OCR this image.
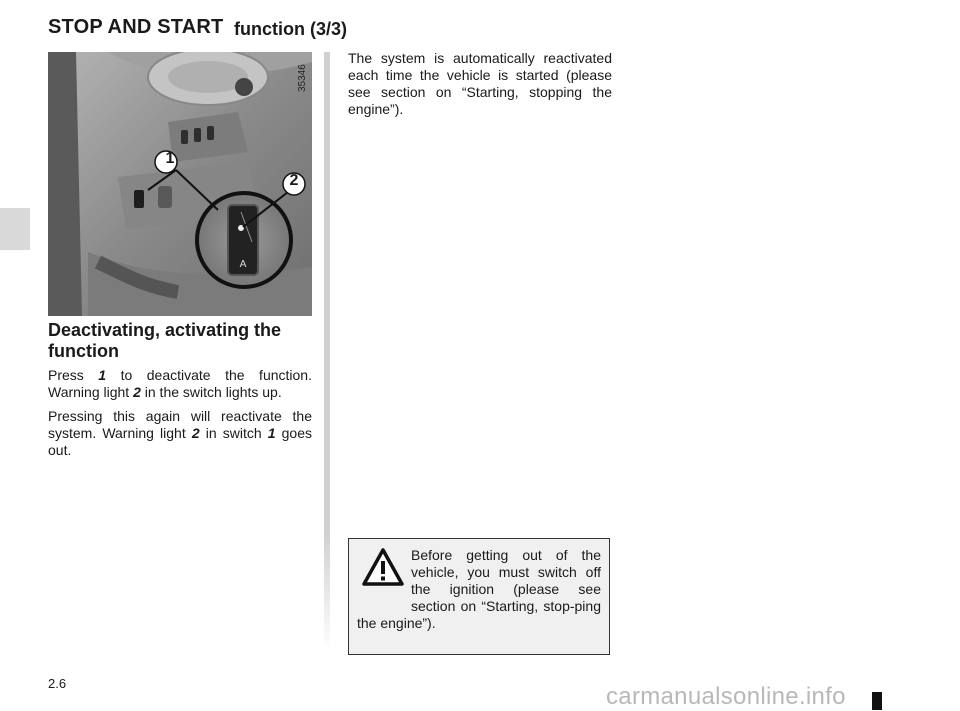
STOP AND START function (3/3)
A
1
2
35346
Deactivating, activating the function

Press 1 to deactivate the function. Warning light 2 in the switch lights up.

Pressing this again will reactivate the system. Warning light 2 in switch 1 goes out.

The system is automatically reactivated each time the vehicle is started (please see section on “Starting, stopping the engine”).

Before getting out of the vehicle, you must switch off the ignition (please see section on “Starting, stop-ping the engine”).

2.6	carmanualsonline.info
